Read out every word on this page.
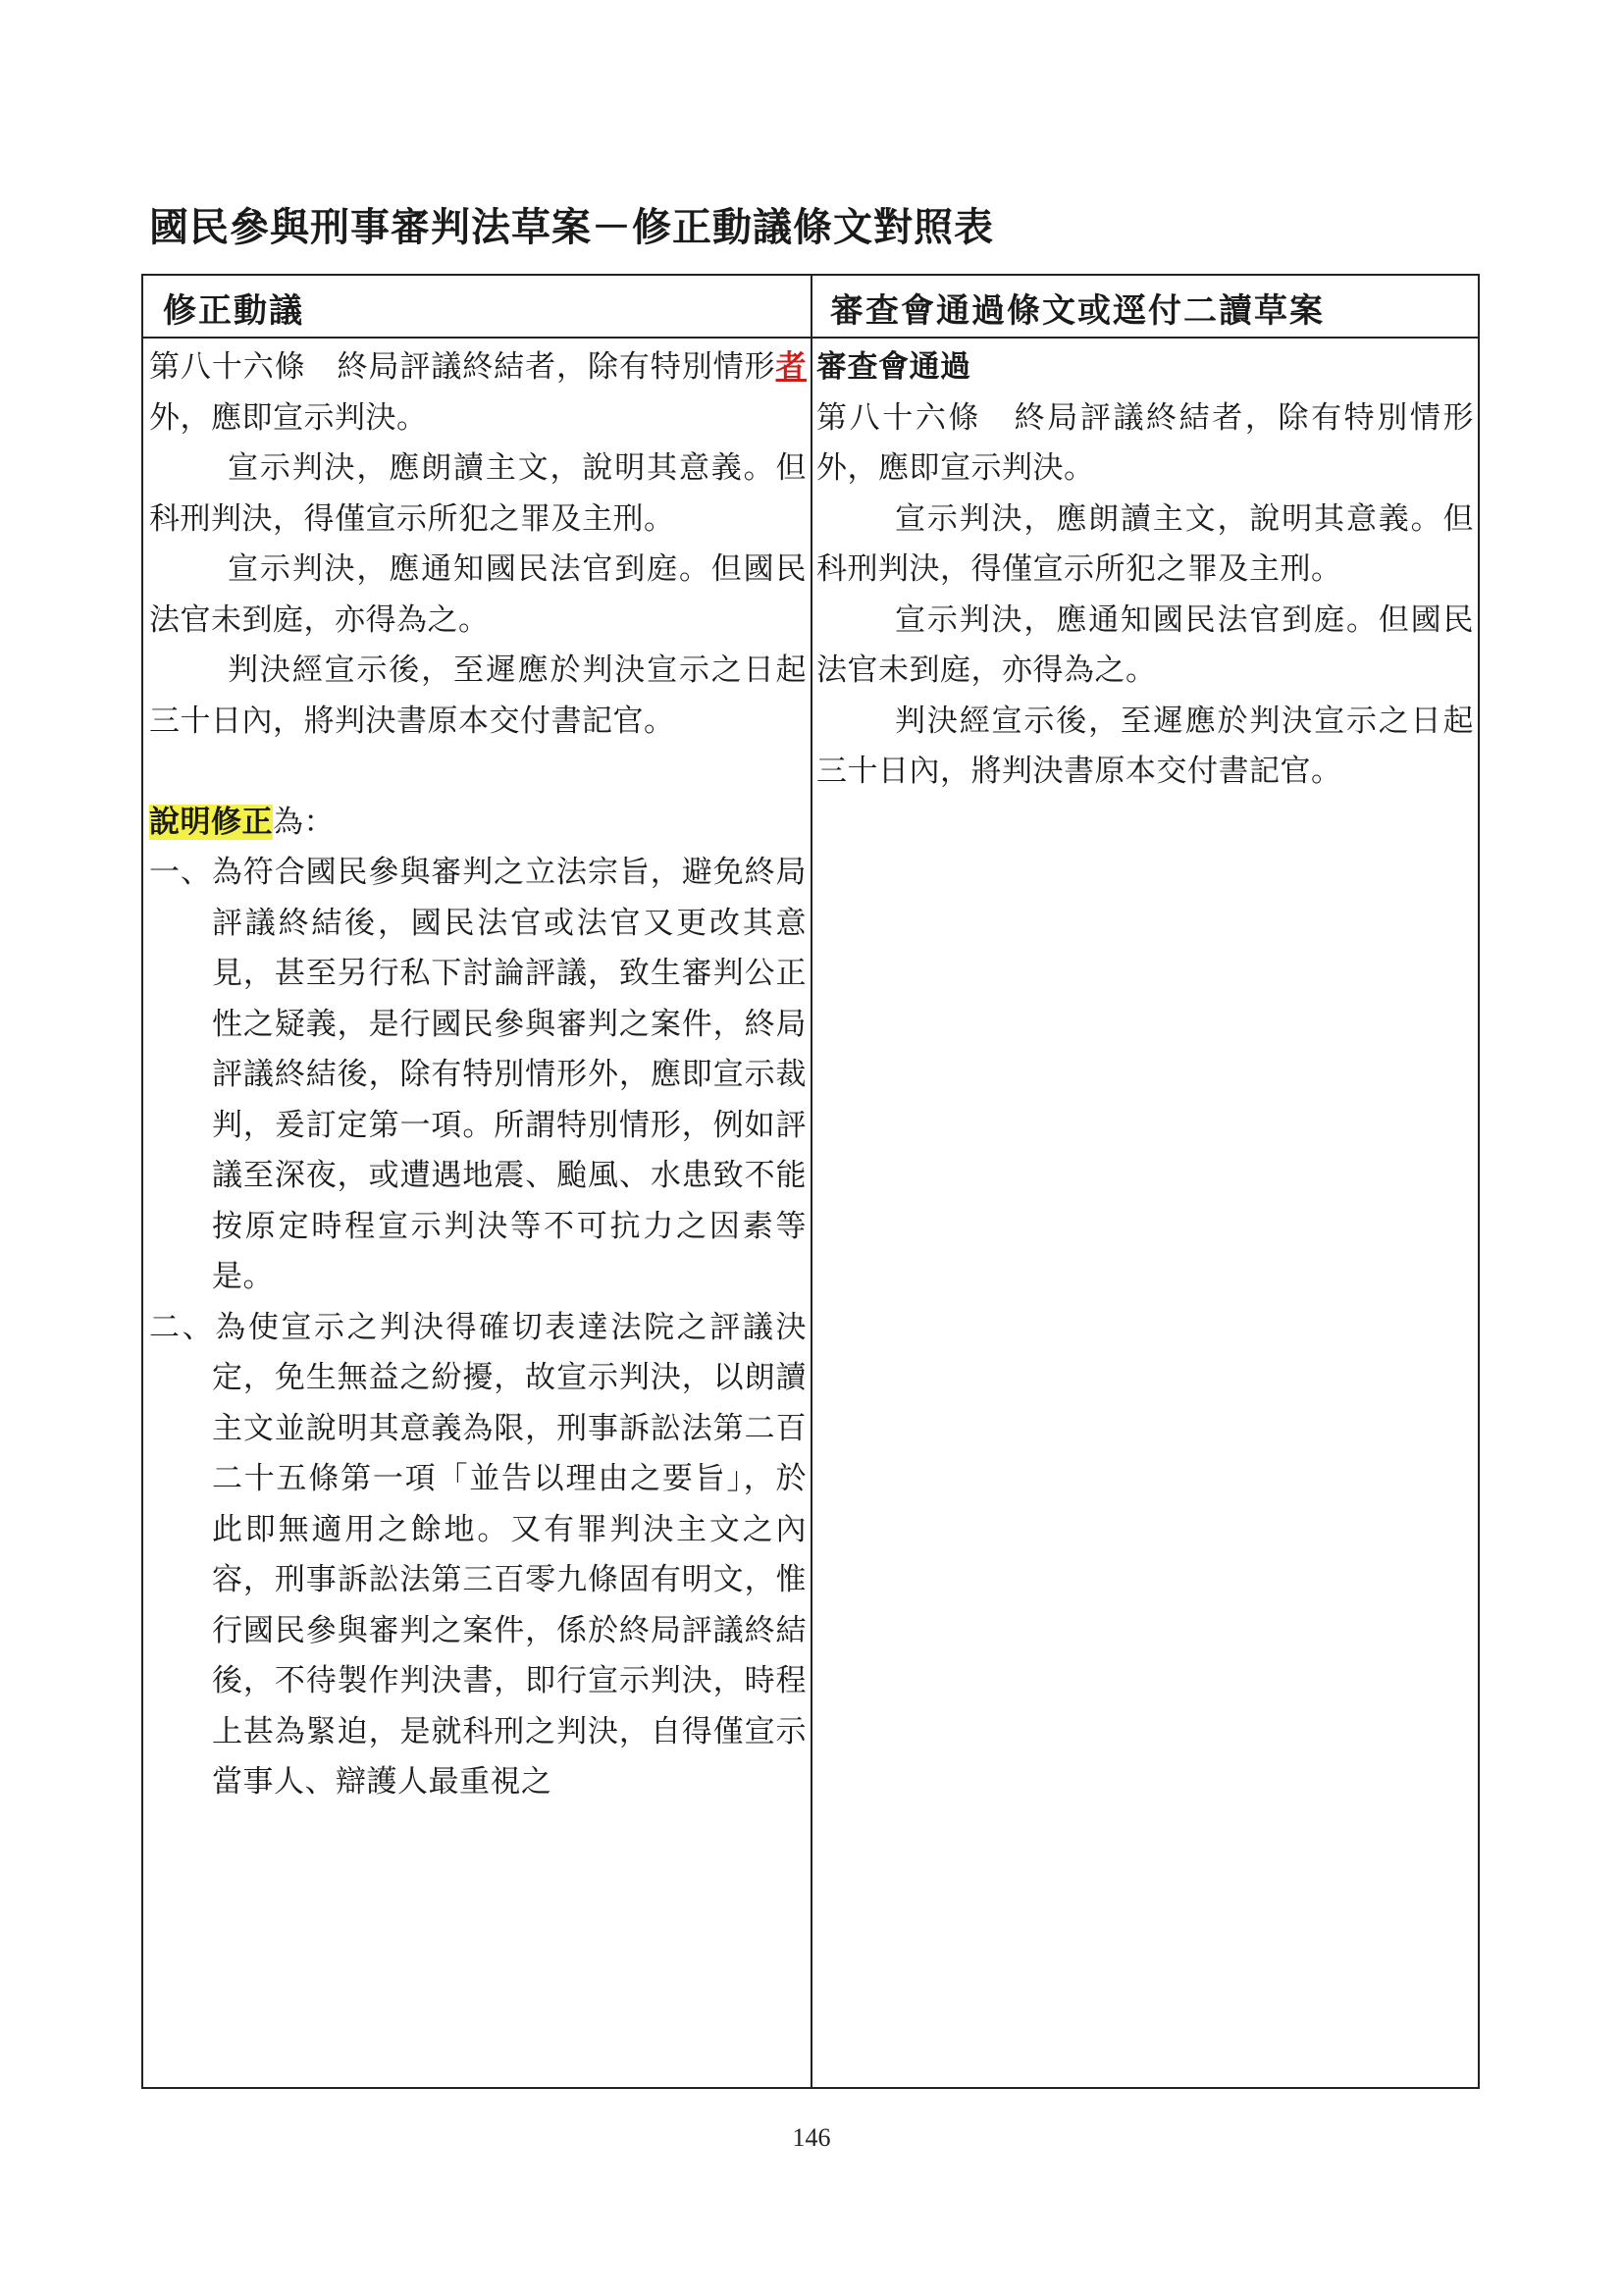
國民參與刑事審判法草案－修正動議條文對照表
修正動議	審查會通過條文或逕付二讀草案

第八十六條　終局評議終結者，除有特別情形者外，應即宣示判決。

宣示判決，應朗讀主文，說明其意義。但科刑判決，得僅宣示所犯之罪及主刑。

宣示判決，應通知國民法官到庭。但國民法官未到庭，亦得為之。

判決經宣示後，至遲應於判決宣示之日起三十日內，將判決書原本交付書記官。

說明修正為：

一、為符合國民參與審判之立法宗旨，避免終局評議終結後，國民法官或法官又更改其意見，甚至另行私下討論評議，致生審判公正性之疑義，是行國民參與審判之案件，終局評議終結後，除有特別情形外，應即宣示裁判，爰訂定第一項。所謂特別情形，例如評議至深夜，或遭遇地震、颱風、水患致不能按原定時程宣示判決等不可抗力之因素等是。

二、為使宣示之判決得確切表達法院之評議決定，免生無益之紛擾，故宣示判決，以朗讀主文並說明其意義為限，刑事訴訟法第二百二十五條第一項「並告以理由之要旨」，於此即無適用之餘地。又有罪判決主文之內容，刑事訴訟法第三百零九條固有明文，惟行國民參與審判之案件，係於終局評議終結後，不待製作判決書，即行宣示判決，時程上甚為緊迫，是就科刑之判決，自得僅宣示當事人、辯護人最重視之

審查會通過

第八十六條　終局評議終結者，除有特別情形外，應即宣示判決。

宣示判決，應朗讀主文，說明其意義。但科刑判決，得僅宣示所犯之罪及主刑。

宣示判決，應通知國民法官到庭。但國民法官未到庭，亦得為之。

判決經宣示後，至遲應於判決宣示之日起三十日內，將判決書原本交付書記官。

146
